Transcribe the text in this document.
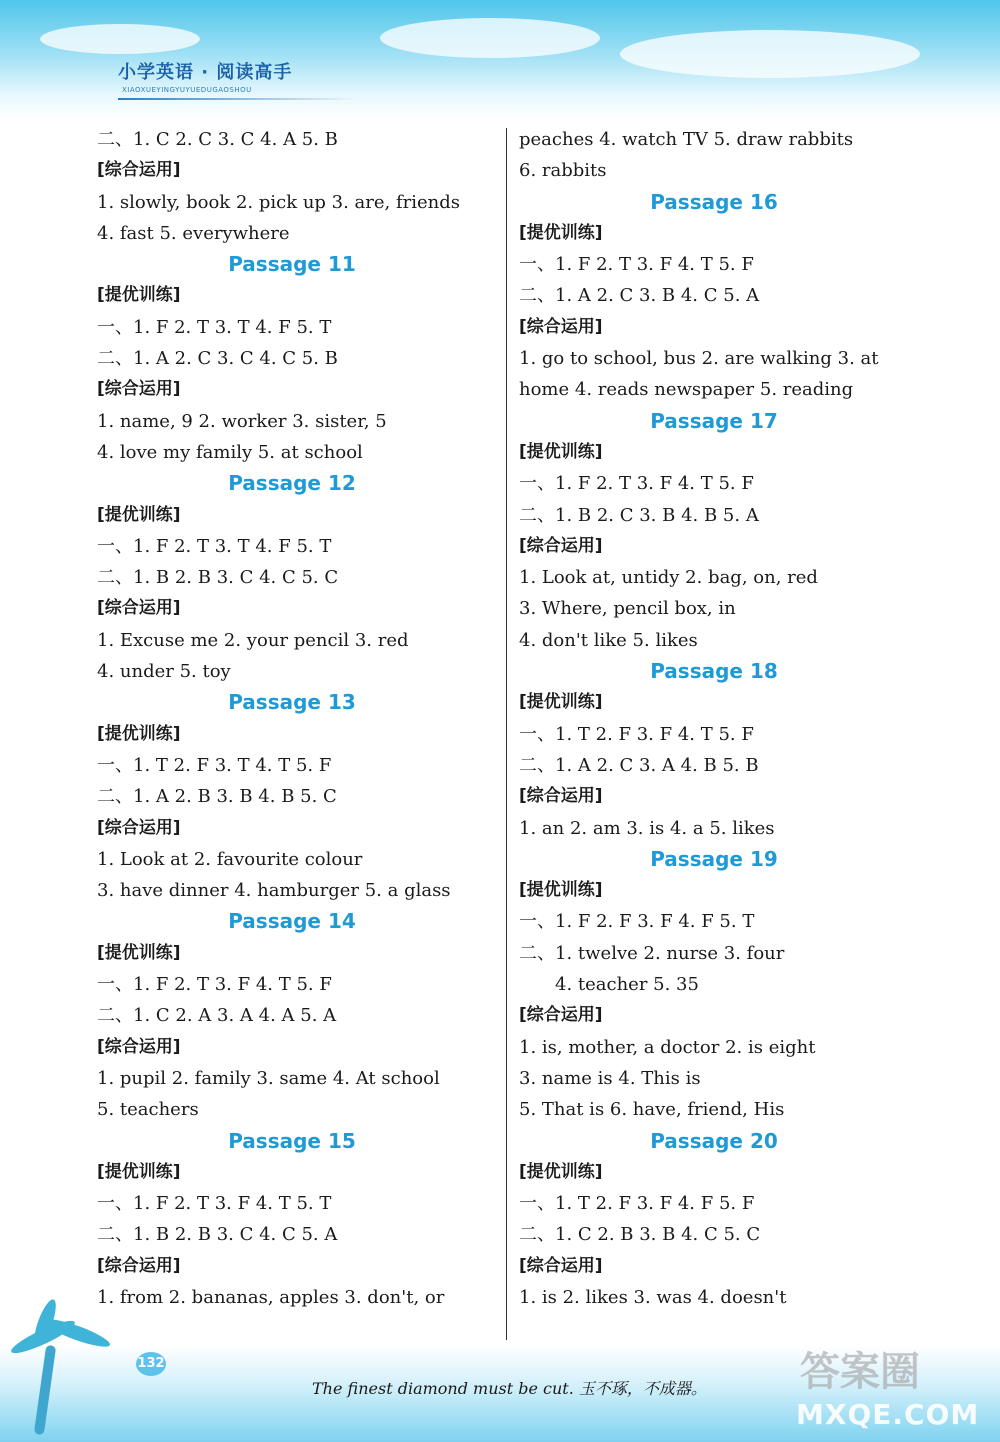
小学英语 · 阅读高手
XIAOXUEYINGYUYUEDUGAOSHOU
二、1. C 2. C 3. C 4. A 5. B
[综合运用]
1. slowly, book 2. pick up 3. are, friends
4. fast 5. everywhere
Passage 11
[提优训练]
一、1. F 2. T 3. T 4. F 5. T
二、1. A 2. C 3. C 4. C 5. B
[综合运用]
1. name, 9 2. worker 3. sister, 5
4. love my family 5. at school
Passage 12
[提优训练]
一、1. F 2. T 3. T 4. F 5. T
二、1. B 2. B 3. C 4. C 5. C
[综合运用]
1. Excuse me 2. your pencil 3. red
4. under 5. toy
Passage 13
[提优训练]
一、1. T 2. F 3. T 4. T 5. F
二、1. A 2. B 3. B 4. B 5. C
[综合运用]
1. Look at 2. favourite colour
3. have dinner 4. hamburger 5. a glass
Passage 14
[提优训练]
一、1. F 2. T 3. F 4. T 5. F
二、1. C 2. A 3. A 4. A 5. A
[综合运用]
1. pupil 2. family 3. same 4. At school
5. teachers
Passage 15
[提优训练]
一、1. F 2. T 3. F 4. T 5. T
二、1. B 2. B 3. C 4. C 5. A
[综合运用]
1. from 2. bananas, apples 3. don't, or
peaches 4. watch TV 5. draw rabbits
6. rabbits
Passage 16
[提优训练]
一、1. F 2. T 3. F 4. T 5. F
二、1. A 2. C 3. B 4. C 5. A
[综合运用]
1. go to school, bus 2. are walking 3. at
home 4. reads newspaper 5. reading
Passage 17
[提优训练]
一、1. F 2. T 3. F 4. T 5. F
二、1. B 2. C 3. B 4. B 5. A
[综合运用]
1. Look at, untidy 2. bag, on, red
3. Where, pencil box, in
4. don't like 5. likes
Passage 18
[提优训练]
一、1. T 2. F 3. F 4. T 5. F
二、1. A 2. C 3. A 4. B 5. B
[综合运用]
1. an 2. am 3. is 4. a 5. likes
Passage 19
[提优训练]
一、1. F 2. F 3. F 4. F 5. T
二、1. twelve 2. nurse 3. four
4. teacher 5. 35
[综合运用]
1. is, mother, a doctor 2. is eight
3. name is 4. This is
5. That is 6. have, friend, His
Passage 20
[提优训练]
一、1. T 2. F 3. F 4. F 5. F
二、1. C 2. B 3. B 4. C 5. C
[综合运用]
1. is 2. likes 3. was 4. doesn't
132
The finest diamond must be cut. 玉不琢，不成器。 答案圈
MXQE.COM
